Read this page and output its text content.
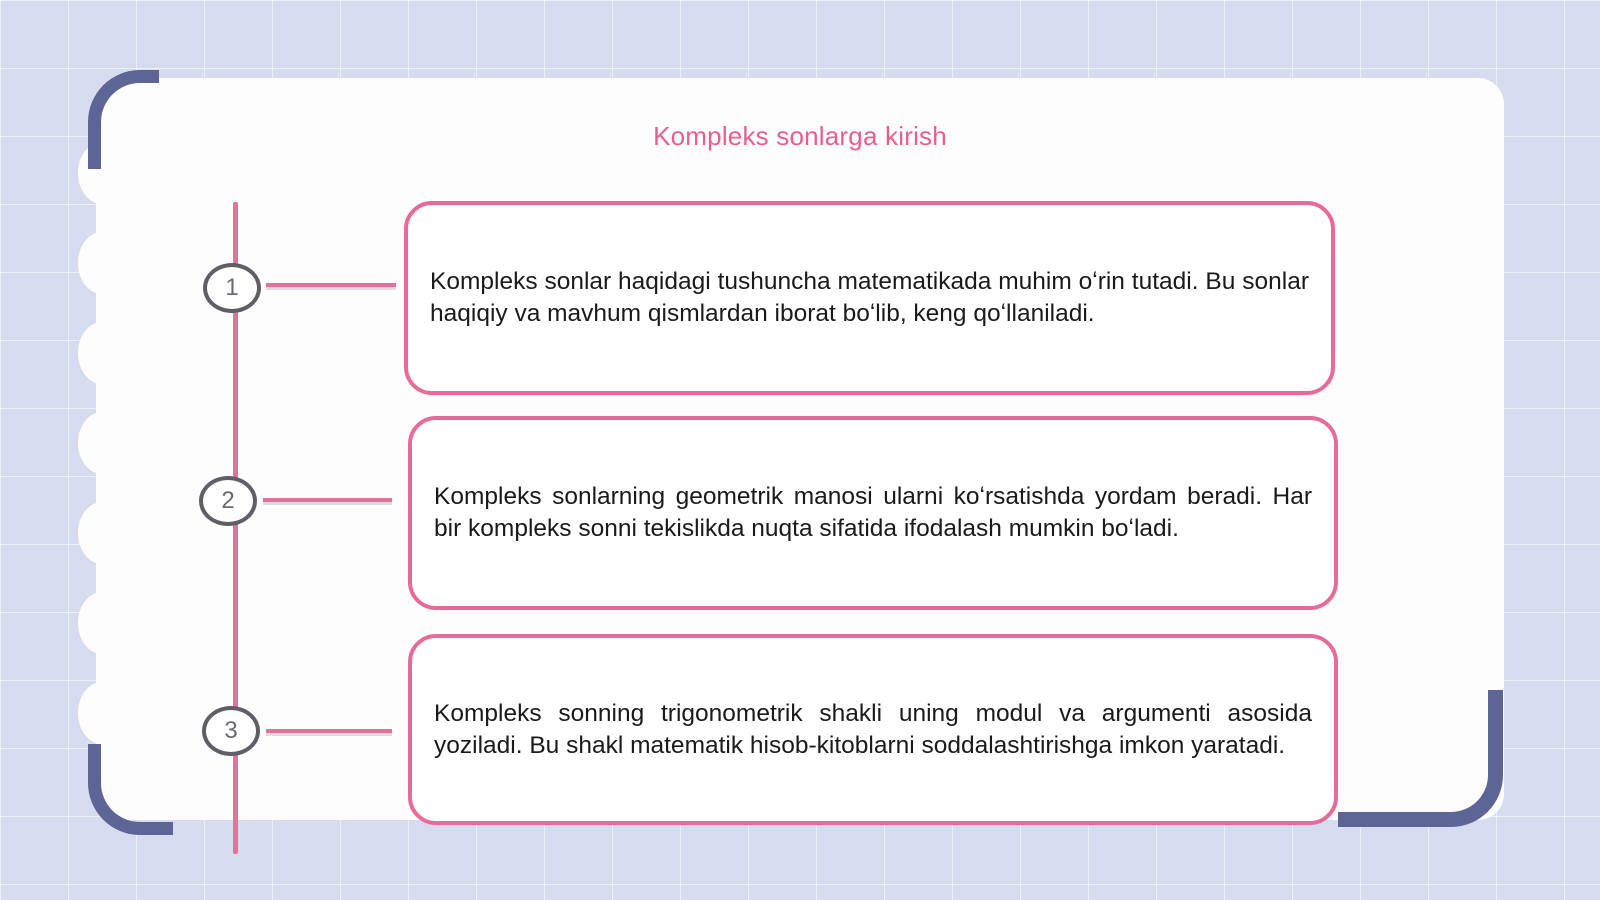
Kompleks sonlarga kirish
1	Kompleks sonlar haqidagi tushuncha matematikada muhim oʻrin tutadi. Bu sonlar haqiqiy va mavhum qismlardan iborat boʻlib, keng qoʻllaniladi.

2	Kompleks sonlarning geometrik manosi ularni koʻrsatishda yordam beradi. Har bir kompleks sonni tekislikda nuqta sifatida ifodalash mumkin boʻladi.

3

Kompleks sonning trigonometrik shakli uning modul va argumenti asosida yoziladi. Bu shakl matematik hisob-kitoblarni soddalashtirishga imkon yaratadi.
